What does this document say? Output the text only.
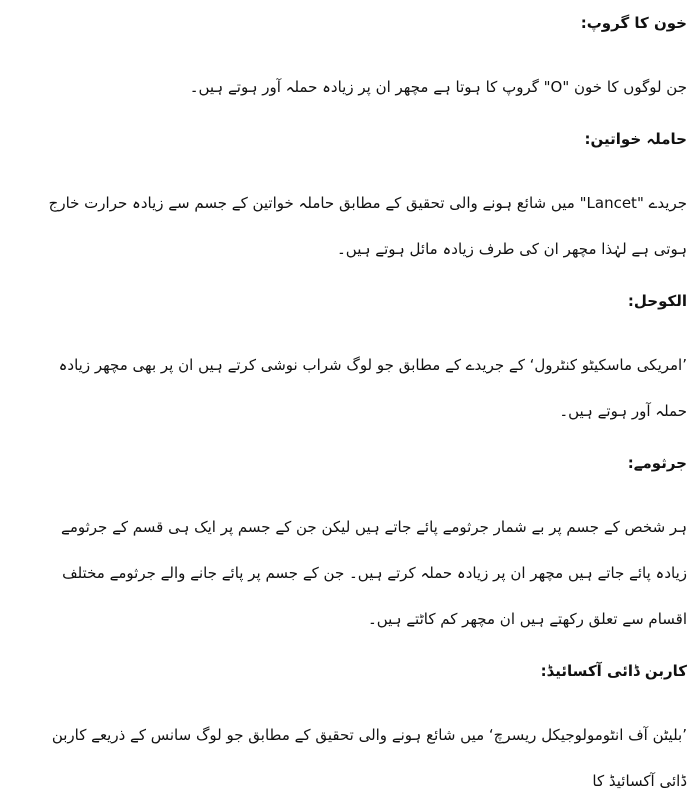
خون کا گروپ:

جن لوگوں کا خون "O" گروپ کا ہوتا ہے مچھر ان پر زیادہ حملہ آور ہوتے ہیں۔

حاملہ خواتین:

جریدے "Lancet" میں شائع ہونے والی تحقیق کے مطابق حاملہ خواتین کے جسم سے زیادہ حرارت خارج ہوتی ہے لہٰذا مچھر ان کی طرف زیادہ مائل ہوتے ہیں۔

الکوحل:

’امریکی ماسکیٹو کنٹرول‘ کے جریدے کے مطابق جو لوگ شراب نوشی کرتے ہیں ان پر بھی مچھر زیادہ حملہ آور ہوتے ہیں۔

جرثومے:

ہر شخص کے جسم پر بے شمار جرثومے پائے جاتے ہیں لیکن جن کے جسم پر ایک ہی قسم کے جرثومے زیادہ پائے جاتے ہیں مچھر ان پر زیادہ حملہ کرتے ہیں۔ جن کے جسم پر پائے جانے والے جرثومے مختلف اقسام سے تعلق رکھتے ہیں ان مچھر کم کاٹتے ہیں۔

کاربن ڈائی آکسائیڈ:

’بلیٹن آف انٹومولوجیکل ریسرچ‘ میں شائع ہونے والی تحقیق کے مطابق جو لوگ سانس کے ذریعے کاربن ڈائی آکسائیڈ کا
